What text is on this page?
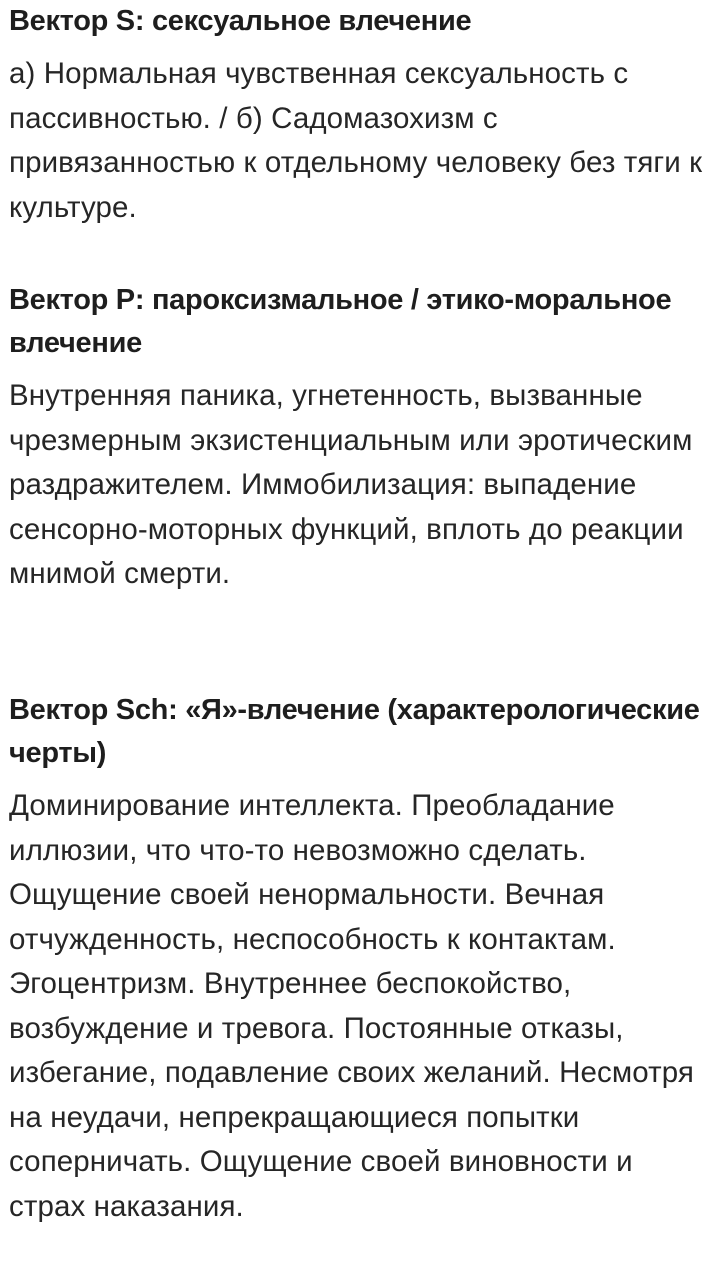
Вектор S: сексуальное влечение

а) Нормальная чувственная сексуальность с пассивностью. / б) Садомазохизм с привязанностью к отдельному человеку без тяги к культуре.

Вектор P: пароксизмальное / этико-моральное влечение

Внутренняя паника, угнетенность, вызванные чрезмерным экзистенциальным или эротическим раздражителем. Иммобилизация: выпадение сенсорно-моторных функций, вплоть до реакции мнимой смерти.

Вектор Sch: «Я»-влечение (характерологические черты)

Доминирование интеллекта. Преобладание иллюзии, что что-то невозможно сделать. Ощущение своей ненормальности. Вечная отчужденность, неспособность к контактам. Эгоцентризм. Внутреннее беспокойство, возбуждение и тревога. Постоянные отказы, избегание, подавление своих желаний. Несмотря на неудачи, непрекращающиеся попытки соперничать. Ощущение своей виновности и страх наказания.
